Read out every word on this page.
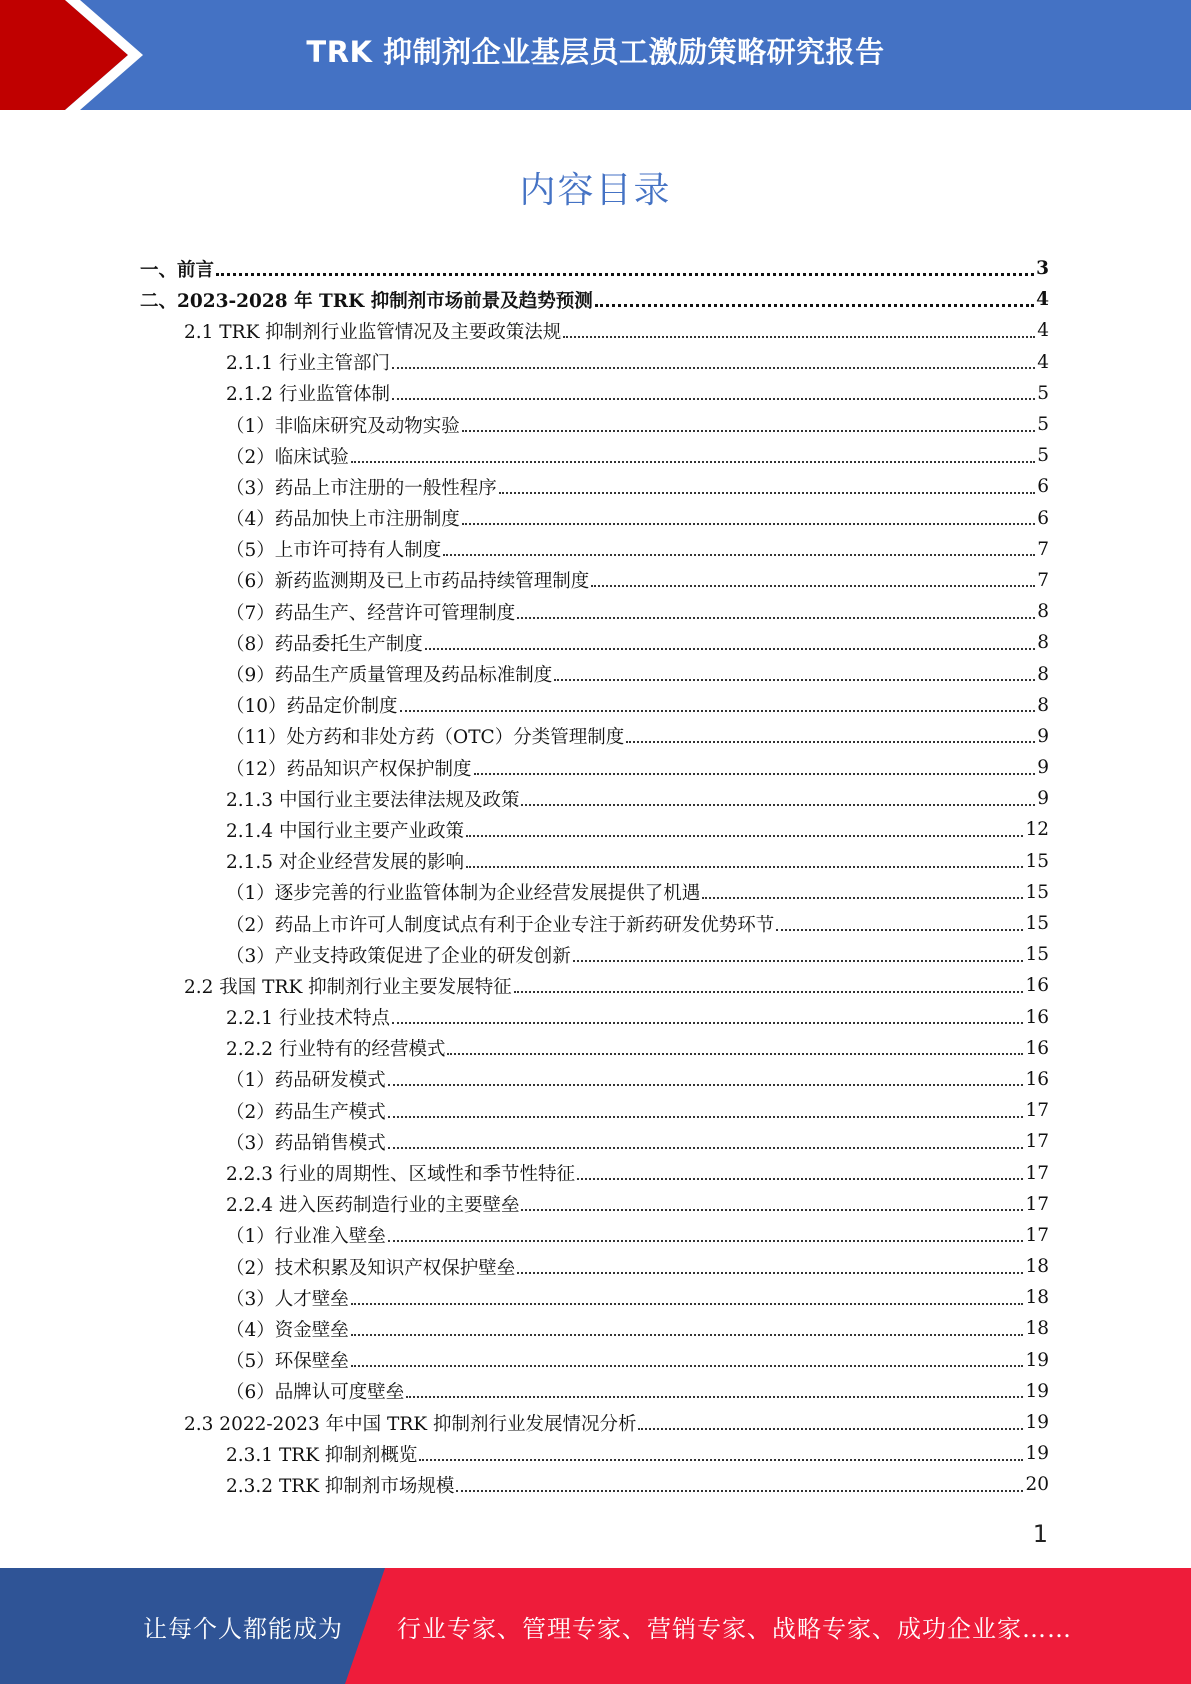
TRK 抑制剂企业基层员工激励策略研究报告
内容目录
一、前言	3
二、2023-2028 年 TRK 抑制剂市场前景及趋势预测	4
2.1 TRK 抑制剂行业监管情况及主要政策法规	4
2.1.1 行业主管部门	4
2.1.2 行业监管体制	5
（1）非临床研究及动物实验	5
（2）临床试验	5
（3）药品上市注册的一般性程序	6
（4）药品加快上市注册制度	6
（5）上市许可持有人制度	7
（6）新药监测期及已上市药品持续管理制度	7
（7）药品生产、经营许可管理制度	8
（8）药品委托生产制度	8
（9）药品生产质量管理及药品标准制度	8
（10）药品定价制度	8
（11）处方药和非处方药（OTC）分类管理制度	9
（12）药品知识产权保护制度	9
2.1.3 中国行业主要法律法规及政策	9
2.1.4 中国行业主要产业政策	12
2.1.5 对企业经营发展的影响	15
（1）逐步完善的行业监管体制为企业经营发展提供了机遇	15
（2）药品上市许可人制度试点有利于企业专注于新药研发优势环节	15
（3）产业支持政策促进了企业的研发创新	15
2.2 我国 TRK 抑制剂行业主要发展特征	16
2.2.1 行业技术特点	16
2.2.2 行业特有的经营模式	16
（1）药品研发模式	16
（2）药品生产模式	17
（3）药品销售模式	17
2.2.3 行业的周期性、区域性和季节性特征	17
2.2.4 进入医药制造行业的主要壁垒	17
（1）行业准入壁垒	17
（2）技术积累及知识产权保护壁垒	18
（3）人才壁垒	18
（4）资金壁垒	18
（5）环保壁垒	19
（6）品牌认可度壁垒	19
2.3 2022-2023 年中国 TRK 抑制剂行业发展情况分析	19
2.3.1 TRK 抑制剂概览	19
2.3.2 TRK 抑制剂市场规模	20
1
让每个人都能成为 行业专家、管理专家、营销专家、战略专家、成功企业家……
